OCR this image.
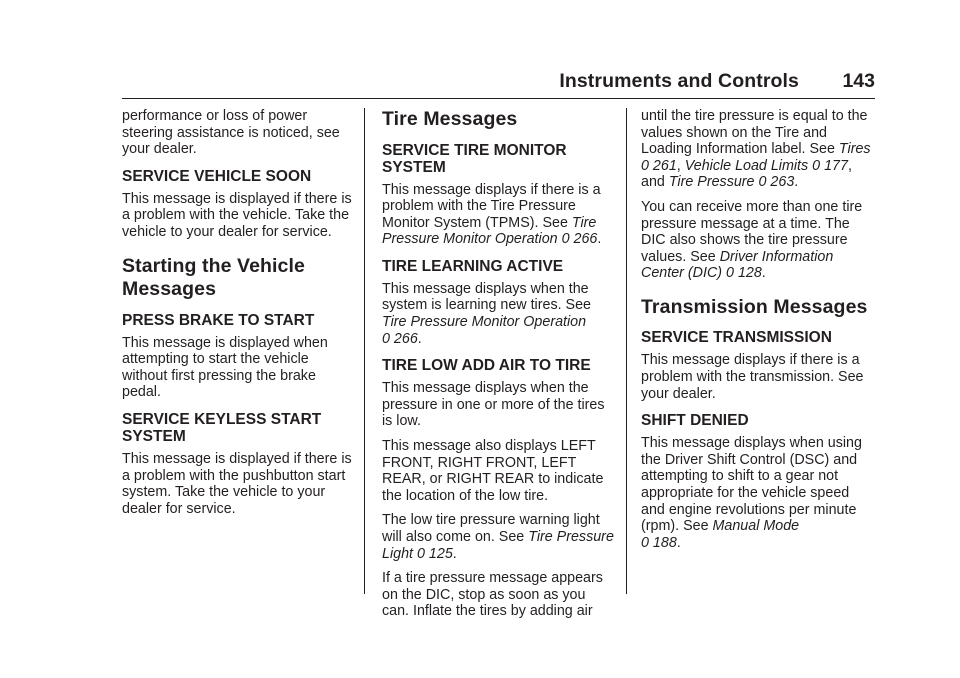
Instruments and Controls 143

performance or loss of power steering assistance is noticed, see your dealer.

SERVICE VEHICLE SOON

This message is displayed if there is a problem with the vehicle. Take the vehicle to your dealer for service.

Starting the Vehicle Messages
PRESS BRAKE TO START

This message is displayed when attempting to start the vehicle without first pressing the brake pedal.

SERVICE KEYLESS START SYSTEM

This message is displayed if there is a problem with the pushbutton start system. Take the vehicle to your dealer for service.

Tire Messages
SERVICE TIRE MONITOR SYSTEM

This message displays if there is a problem with the Tire Pressure Monitor System (TPMS). See Tire Pressure Monitor Operation 0 266.

TIRE LEARNING ACTIVE

This message displays when the system is learning new tires. See Tire Pressure Monitor Operation
0 266.

TIRE LOW ADD AIR TO TIRE

This message displays when the pressure in one or more of the tires is low.

This message also displays LEFT FRONT, RIGHT FRONT, LEFT REAR, or RIGHT REAR to indicate the location of the low tire.

The low tire pressure warning light will also come on. See Tire Pressure Light 0 125.

If a tire pressure message appears on the DIC, stop as soon as you can. Inflate the tires by adding air

until the tire pressure is equal to the values shown on the Tire and Loading Information label. See Tires
0 261, Vehicle Load Limits 0 177,
and Tire Pressure 0 263.

You can receive more than one tire pressure message at a time. The DIC also shows the tire pressure values. See Driver Information Center (DIC) 0 128.

Transmission Messages
SERVICE TRANSMISSION

This message displays if there is a problem with the transmission. See your dealer.

SHIFT DENIED

This message displays when using the Driver Shift Control (DSC) and attempting to shift to a gear not appropriate for the vehicle speed and engine revolutions per minute (rpm). See Manual Mode
0 188.
